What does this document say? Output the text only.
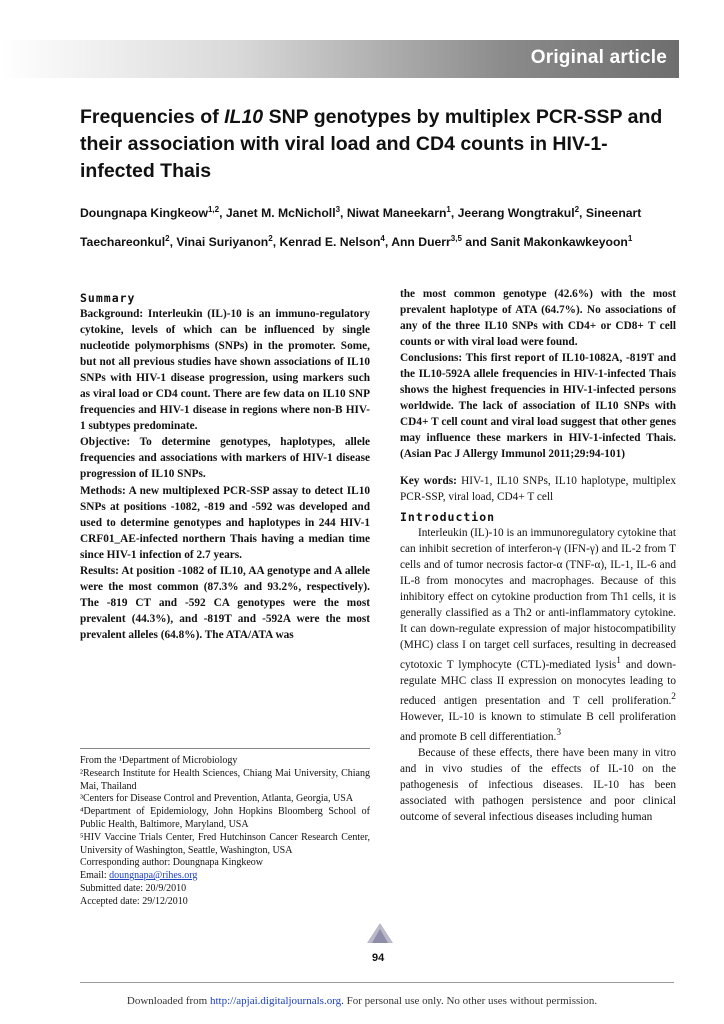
Original article
Frequencies of IL10 SNP genotypes by multiplex PCR-SSP and their association with viral load and CD4 counts in HIV-1-infected Thais
Doungnapa Kingkeow$^{1,2}$, Janet M. McNicholl$^3$, Niwat Maneekarn$^1$, Jeerang Wongtrakul$^2$, Sineenart Taechareonkul$^2$, Vinai Suriyanon$^2$, Kenrad E. Nelson$^4$, Ann Duerr$^{3,5}$ and Sanit Makonkawkeyoon$^1$
Summary

Background: Interleukin (IL)-10 is an immuno-regulatory cytokine, levels of which can be influenced by single nucleotide polymorphisms (SNPs) in the promoter. Some, but not all previous studies have shown associations of IL10 SNPs with HIV-1 disease progression, using markers such as viral load or CD4 count. There are few data on IL10 SNP frequencies and HIV-1 disease in regions where non-B HIV-1 subtypes predominate.

Objective: To determine genotypes, haplotypes, allele frequencies and associations with markers of HIV-1 disease progression of IL10 SNPs.

Methods: A new multiplexed PCR-SSP assay to detect IL10 SNPs at positions -1082, -819 and -592 was developed and used to determine genotypes and haplotypes in 244 HIV-1 CRF01_AE-infected northern Thais having a median time since HIV-1 infection of 2.7 years.

Results: At position -1082 of IL10, AA genotype and A allele were the most common (87.3% and 93.2%, respectively). The -819 CT and -592 CA genotypes were the most prevalent (44.3%), and -819T and -592A were the most prevalent alleles (64.8%). The ATA/ATA was

From the ¹Department of Microbiology
²Research Institute for Health Sciences, Chiang Mai University, Chiang Mai, Thailand
³Centers for Disease Control and Prevention, Atlanta, Georgia, USA
⁴Department of Epidemiology, John Hopkins Bloomberg School of Public Health, Baltimore, Maryland, USA
⁵HIV Vaccine Trials Center, Fred Hutchinson Cancer Research Center, University of Washington, Seattle, Washington, USA
Corresponding author: Doungnapa Kingkeow
Email: doungnapa@rihes.org
Submitted date: 20/9/2010
Accepted date: 29/12/2010

the most common genotype (42.6%) with the most prevalent haplotype of ATA (64.7%). No associations of any of the three IL10 SNPs with CD4+ or CD8+ T cell counts or with viral load were found.

Conclusions: This first report of IL10-1082A, -819T and the IL10-592A allele frequencies in HIV-1-infected Thais shows the highest frequencies in HIV-1-infected persons worldwide. The lack of association of IL10 SNPs with CD4+ T cell count and viral load suggest that other genes may influence these markers in HIV-1-infected Thais. (Asian Pac J Allergy Immunol 2011;29:94-101)

Key words: HIV-1, IL10 SNPs, IL10 haplotype, multiplex PCR-SSP, viral load, CD4+ T cell

Introduction

Interleukin (IL)-10 is an immunoregulatory cytokine that can inhibit secretion of interferon-γ (IFN-γ) and IL-2 from T cells and of tumor necrosis factor-α (TNF-α), IL-1, IL-6 and IL-8 from monocytes and macrophages. Because of this inhibitory effect on cytokine production from Th1 cells, it is generally classified as a Th2 or anti-inflammatory cytokine. It can down-regulate expression of major histocompatibility (MHC) class I on target cell surfaces, resulting in decreased cytotoxic T lymphocyte (CTL)-mediated lysis$^1$ and down-regulate MHC class II expression on monocytes leading to reduced antigen presentation and T cell proliferation.$^2$ However, IL-10 is known to stimulate B cell proliferation and promote B cell differentiation.$^3$

Because of these effects, there have been many in vitro and in vivo studies of the effects of IL-10 on the pathogenesis of infectious diseases. IL-10 has been associated with pathogen persistence and poor clinical outcome of several infectious diseases including human

94
Downloaded from http://apjai.digitaljournals.org. For personal use only. No other uses without permission.
